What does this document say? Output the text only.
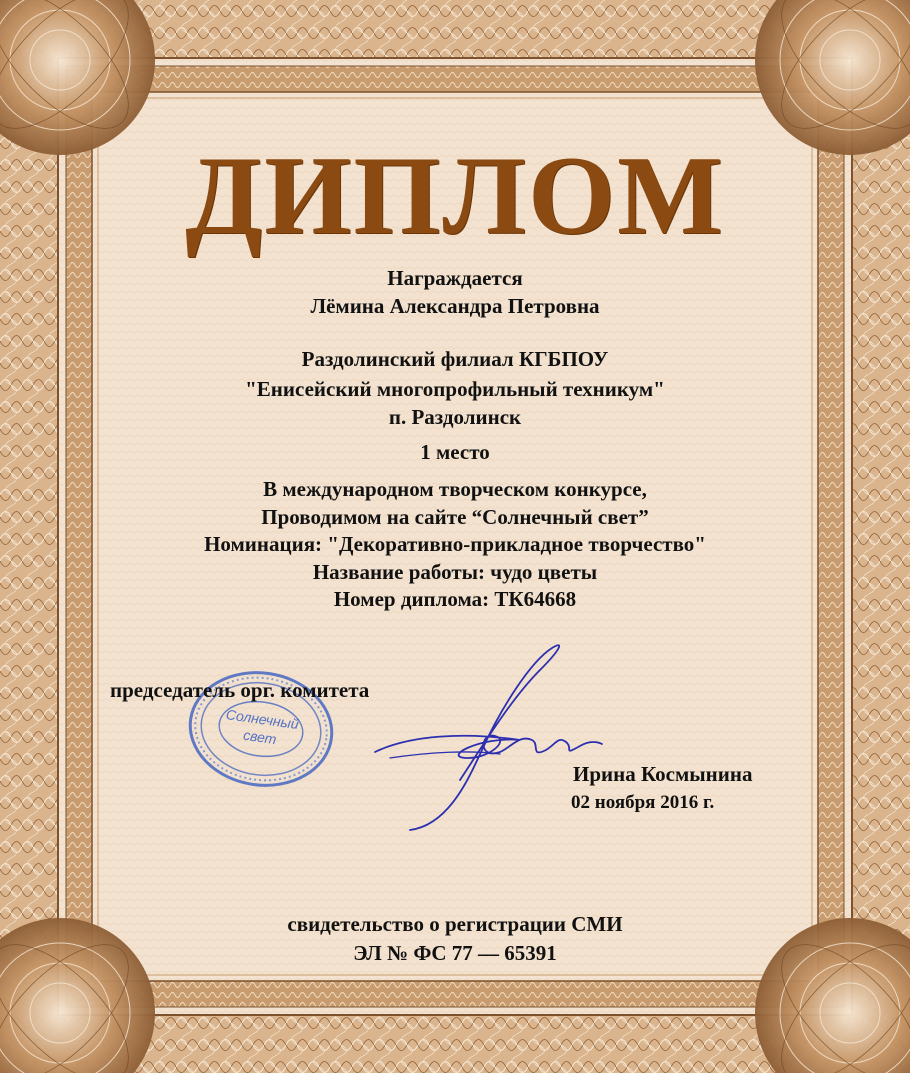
ДИПЛОМ
Награждается
Лёмина Александра Петровна
Раздолинский филиал КГБПОУ
"Енисейский многопрофильный техникум"
п. Раздолинск
1 место
В международном творческом конкурсе,
Проводимом на сайте “Солнечный свет”
Номинация: "Декоративно-прикладное творчество"
Название работы: чудо цветы
Номер диплома: ТК64668
Солнечный
свет
председатель орг. комитета
Ирина Космынина
02 ноября 2016 г.
свидетельство о регистрации СМИ
ЭЛ № ФС 77 — 65391
